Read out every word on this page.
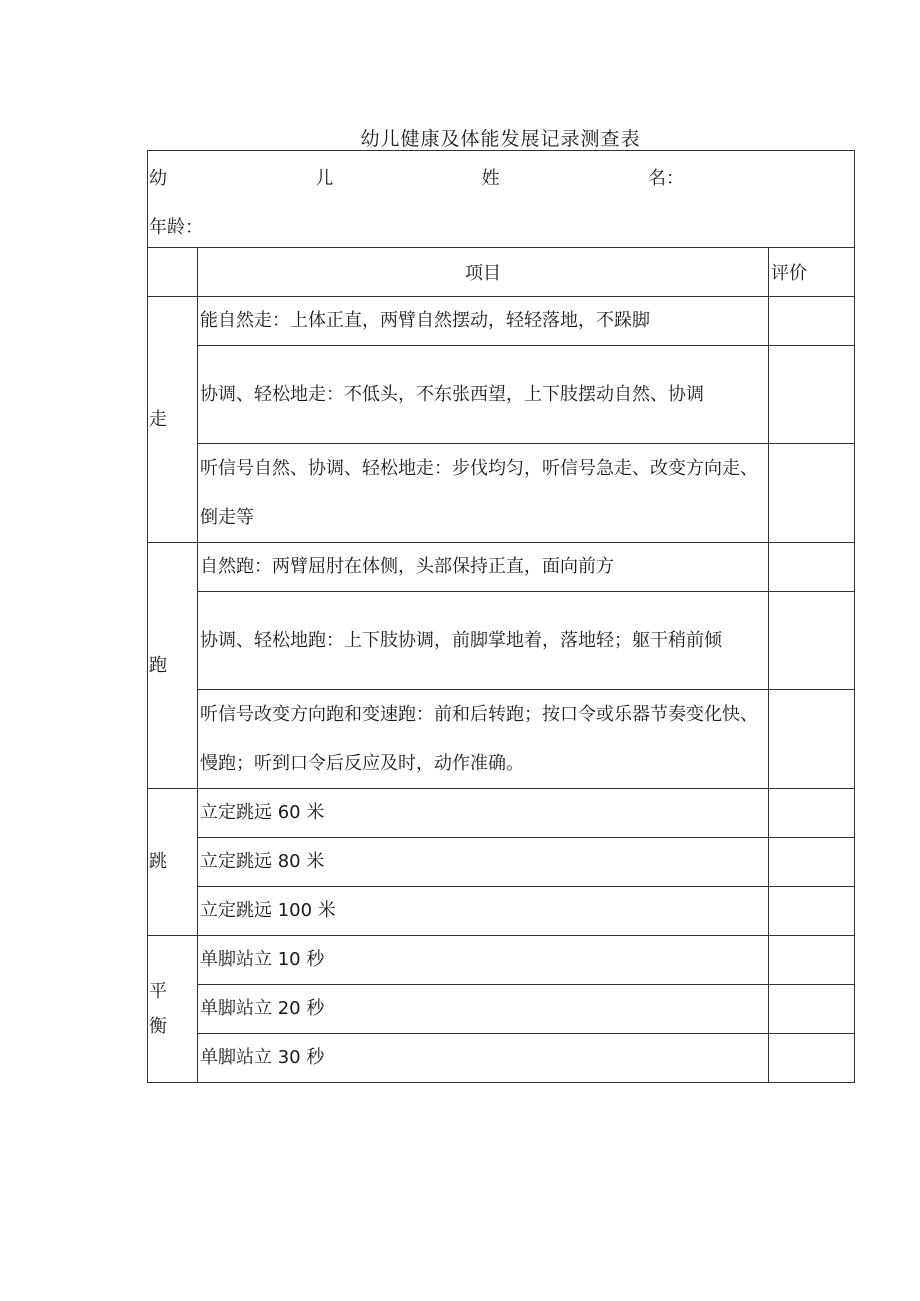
幼儿健康及体能发展记录测查表
幼 儿 姓 名：
年龄：		

	项目	评价
走	能自然走：上体正直，两臂自然摆动，轻轻落地，不跺脚	
	协调、轻松地走：不低头，不东张西望，上下肢摆动自然、协调	
	听信号自然、协调、轻松地走：步伐均匀，听信号急走、改变方向走、倒走等	
跑	自然跑：两臂屈肘在体侧，头部保持正直，面向前方	
	协调、轻松地跑：上下肢协调，前脚掌地着，落地轻；躯干稍前倾	
	听信号改变方向跑和变速跑：前和后转跑；按口令或乐器节奏变化快、慢跑；听到口令后反应及时，动作准确。	
跳	立定跳远 60 米	
	立定跳远 80 米	
	立定跳远 100 米	

平
衡	单脚站立 10 秒	
	单脚站立 20 秒	
	单脚站立 30 秒	
